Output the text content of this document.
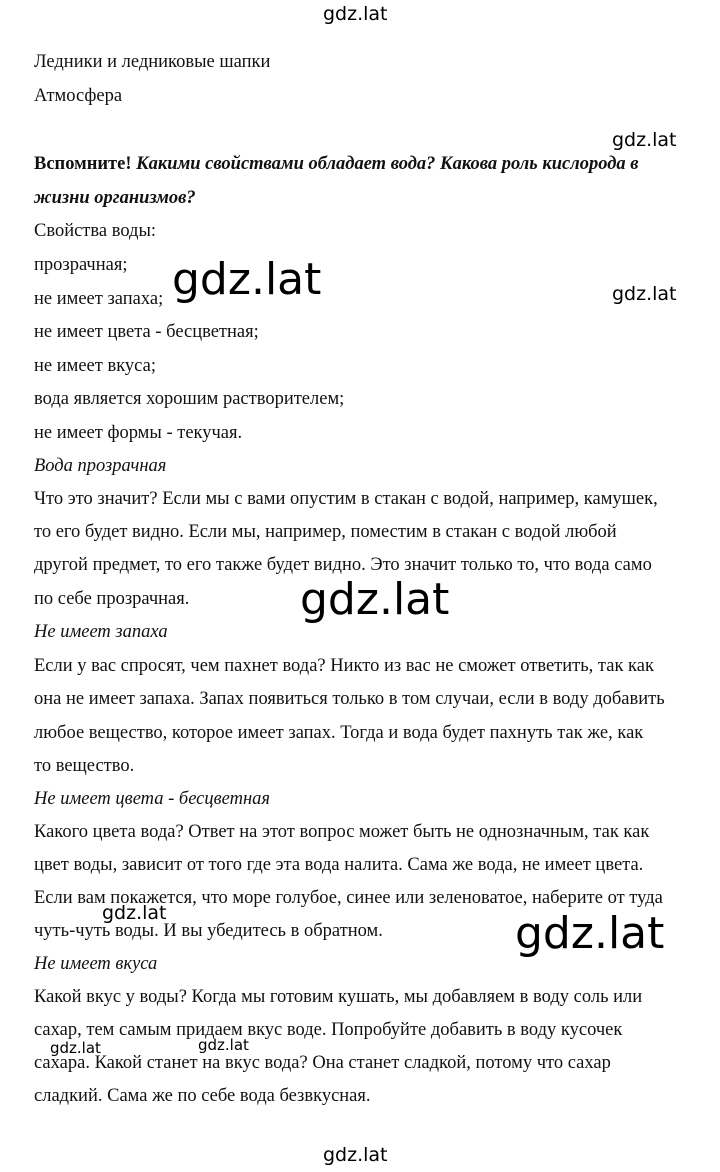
gdz.lat
gdz.lat
gdz.lat	gdz.lat
gdz.lat
gdz.lat	gdz.lat
gdz.lat	gdz.lat
gdz.lat
Ледники и ледниковые шапки
Атмосфера
Вспомните! Какими свойствами обладает вода? Какова роль кислорода в
жизни организмов?
Свойства воды:
прозрачная;
не имеет запаха;
не имеет цвета - бесцветная;
не имеет вкуса;
вода является хорошим растворителем;
не имеет формы - текучая.
Вода прозрачная
Что это значит? Если мы с вами опустим в стакан с водой, например, камушек,
то его будет видно. Если мы, например, поместим в стакан с водой любой
другой предмет, то его также будет видно. Это значит только то, что вода само
по себе прозрачная.
Не имеет запаха
Если у вас спросят, чем пахнет вода? Никто из вас не сможет ответить, так как
она не имеет запаха. Запах появиться только в том случаи, если в воду добавить
любое вещество, которое имеет запах. Тогда и вода будет пахнуть так же, как
то вещество.
Не имеет цвета - бесцветная
Какого цвета вода? Ответ на этот вопрос может быть не однозначным, так как
цвет воды, зависит от того где эта вода налита. Сама же вода, не имеет цвета.
Если вам покажется, что море голубое, синее или зеленоватое, наберите от туда
чуть-чуть воды. И вы убедитесь в обратном.
Не имеет вкуса
Какой вкус у воды? Когда мы готовим кушать, мы добавляем в воду соль или
сахар, тем самым придаем вкус воде. Попробуйте добавить в воду кусочек
сахара. Какой станет на вкус вода? Она станет сладкой, потому что сахар
сладкий. Сама же по себе вода безвкусная.
